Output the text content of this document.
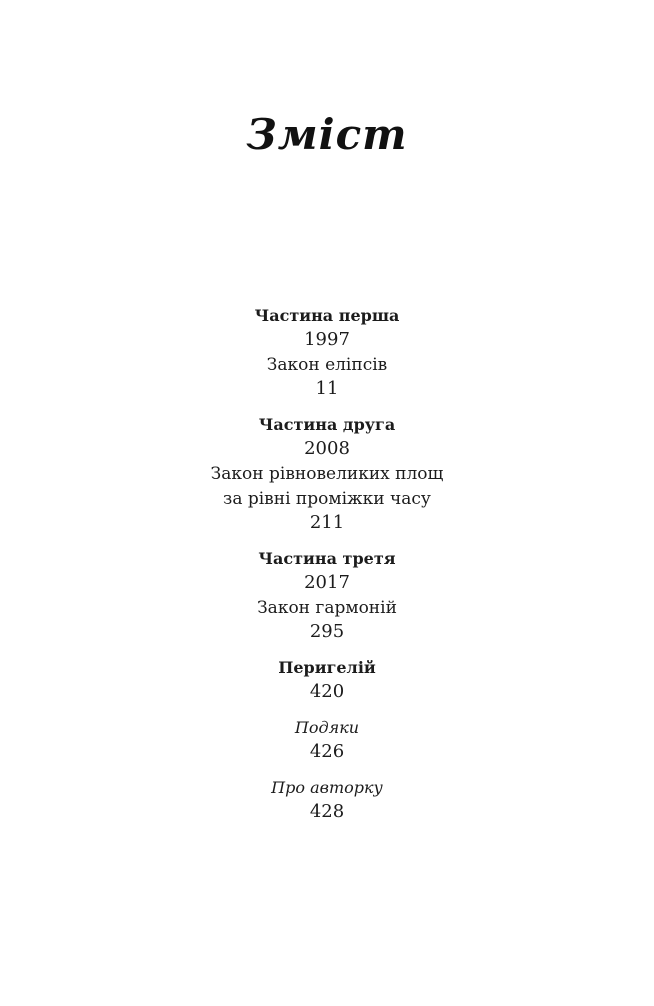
Зміст
Частина перша
1997
Закон еліпсів
11
Частина друга
2008
Закон рівновеликих площ
за рівні проміжки часу
211
Частина третя
2017
Закон гармоній
295
Перигелій
420
Подяки
426
Про авторку
428
